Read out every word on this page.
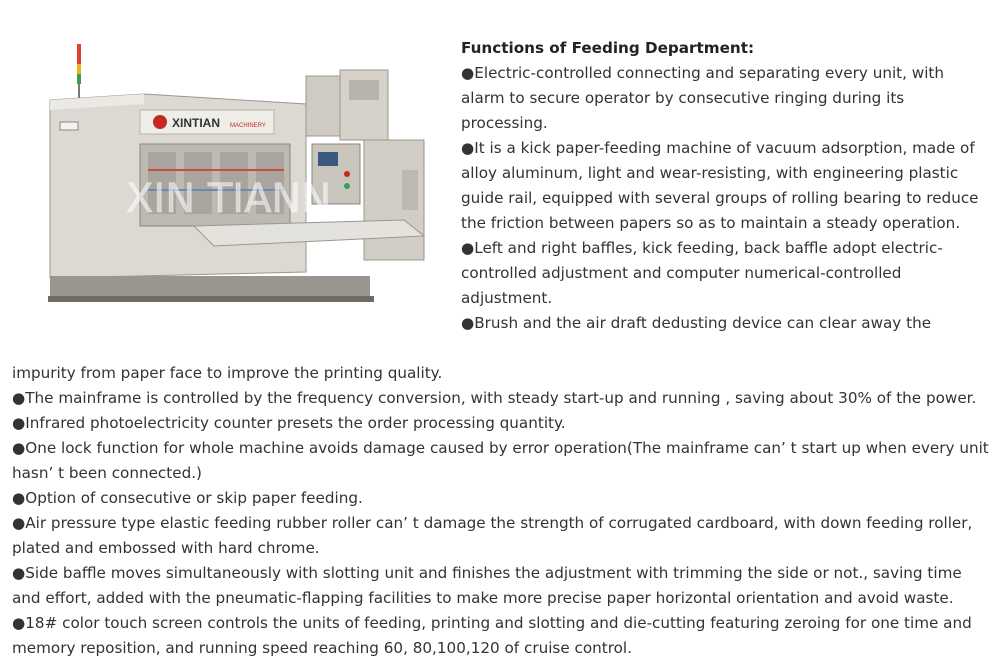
XINTIAN MACHINERY
XIN TIANN

Functions of Feeding Department:

●Electric-controlled connecting and separating every unit, with alarm to secure operator by consecutive ringing during its processing.

●It is a kick paper-feeding machine of vacuum adsorption, made of alloy aluminum, light and wear-resisting, with engineering plastic guide rail, equipped with several groups of rolling bearing to reduce the friction between papers so as to maintain a steady operation.

●Left and right baffles, kick feeding, back baffle adopt electric-controlled adjustment and computer numerical-controlled adjustment.

●Brush and the air draft dedusting device can clear away the

impurity from paper face to improve the printing quality.

●The mainframe is controlled by the frequency conversion, with steady start-up and running , saving about 30% of the power.

●Infrared photoelectricity counter presets the order processing quantity.

●One lock function for whole machine avoids damage caused by error operation(The mainframe can’ t start up when every unit hasn’ t been connected.)

●Option of consecutive or skip paper feeding.

●Air pressure type elastic feeding rubber roller can’ t damage the strength of corrugated cardboard, with down feeding roller, plated and embossed with hard chrome.

●Side baffle moves simultaneously with slotting unit and finishes the adjustment with trimming the side or not., saving time and effort, added with the pneumatic-flapping facilities to make more precise paper horizontal orientation and avoid waste.

●18# color touch screen controls the units of feeding, printing and slotting and die-cutting featuring zeroing for one time and memory reposition, and running speed reaching 60, 80,100,120 of cruise control.
